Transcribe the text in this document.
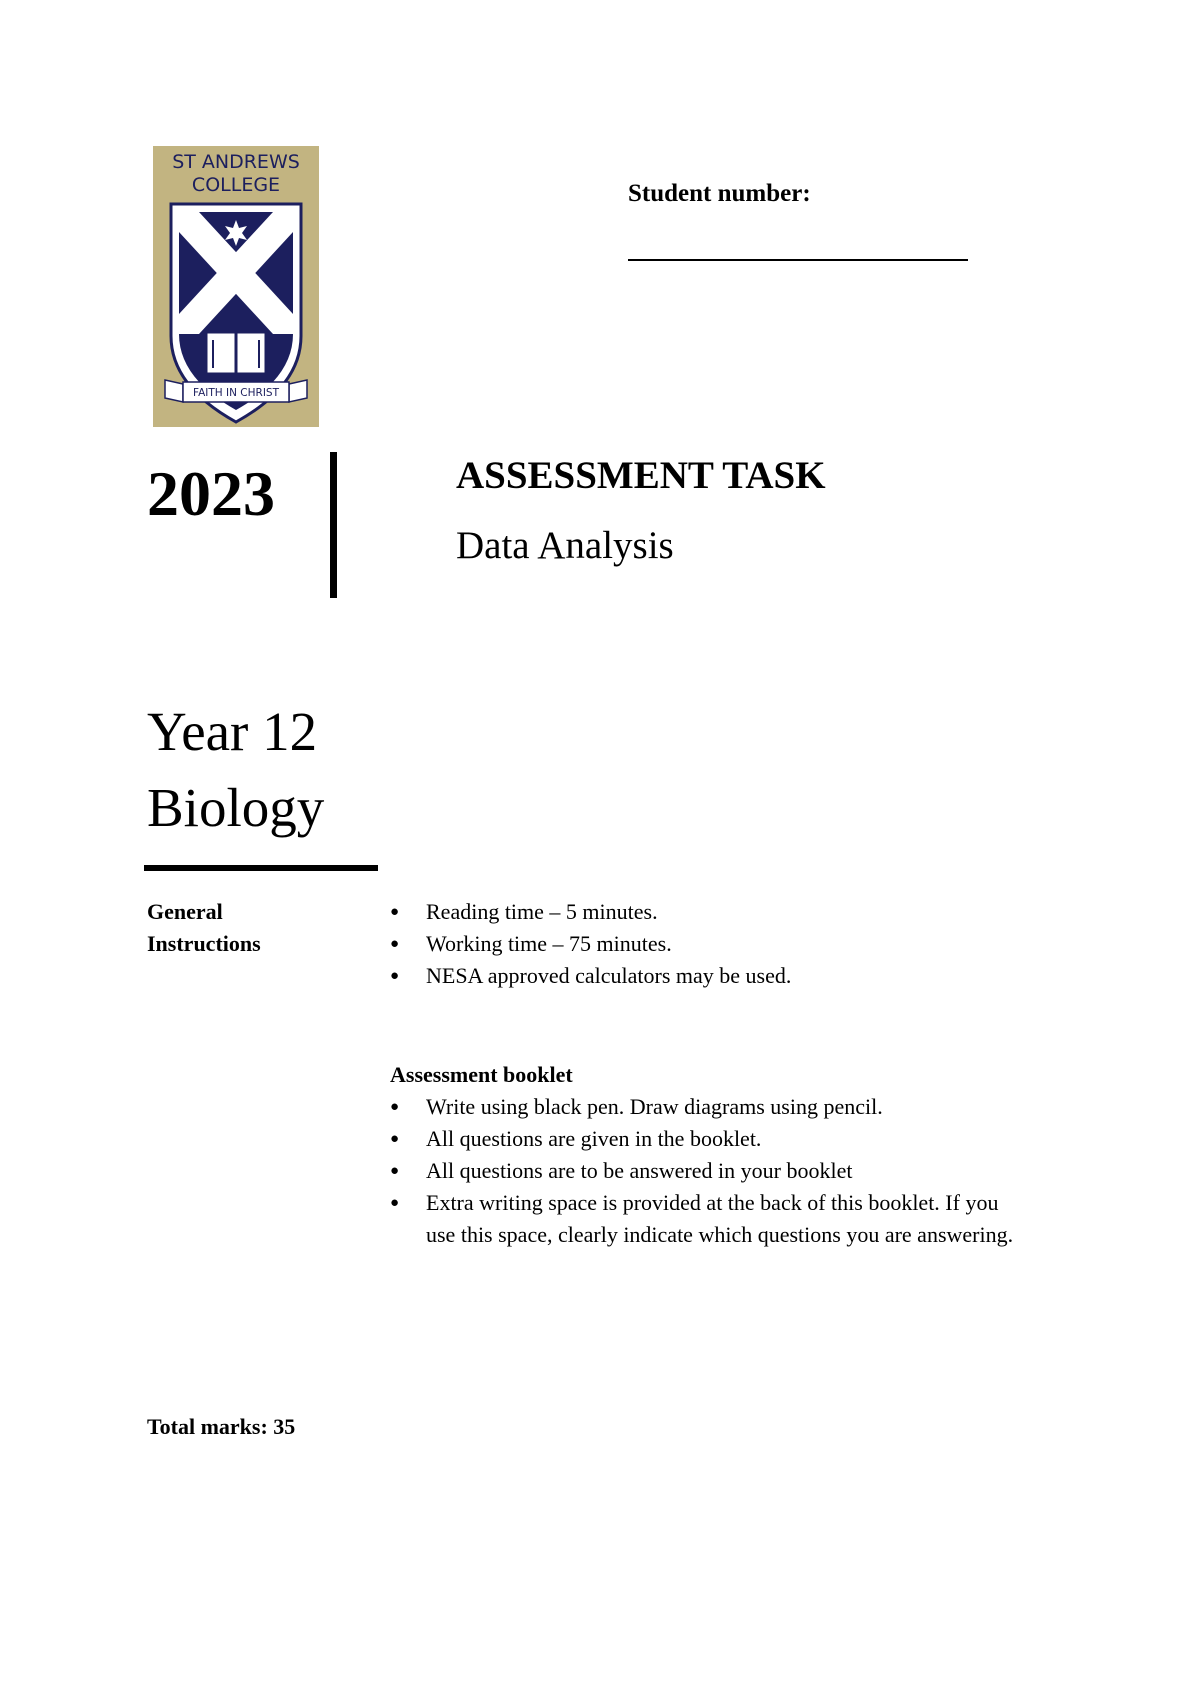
FAITH IN CHRIST
ST ANDREWS
COLLEGE	Student number:
2023	ASSESSMENT TASK
Data Analysis
Year 12
Biology
General
Instructions
● Reading time – 5 minutes.
● Working time – 75 minutes.
● NESA approved calculators may be used.
Assessment booklet
● Write using black pen. Draw diagrams using pencil.
● All questions are given in the booklet.
● All questions are to be answered in your booklet
● Extra writing space is provided at the back of this booklet. If you use this space, clearly indicate which questions you are answering.
Total marks: 35
